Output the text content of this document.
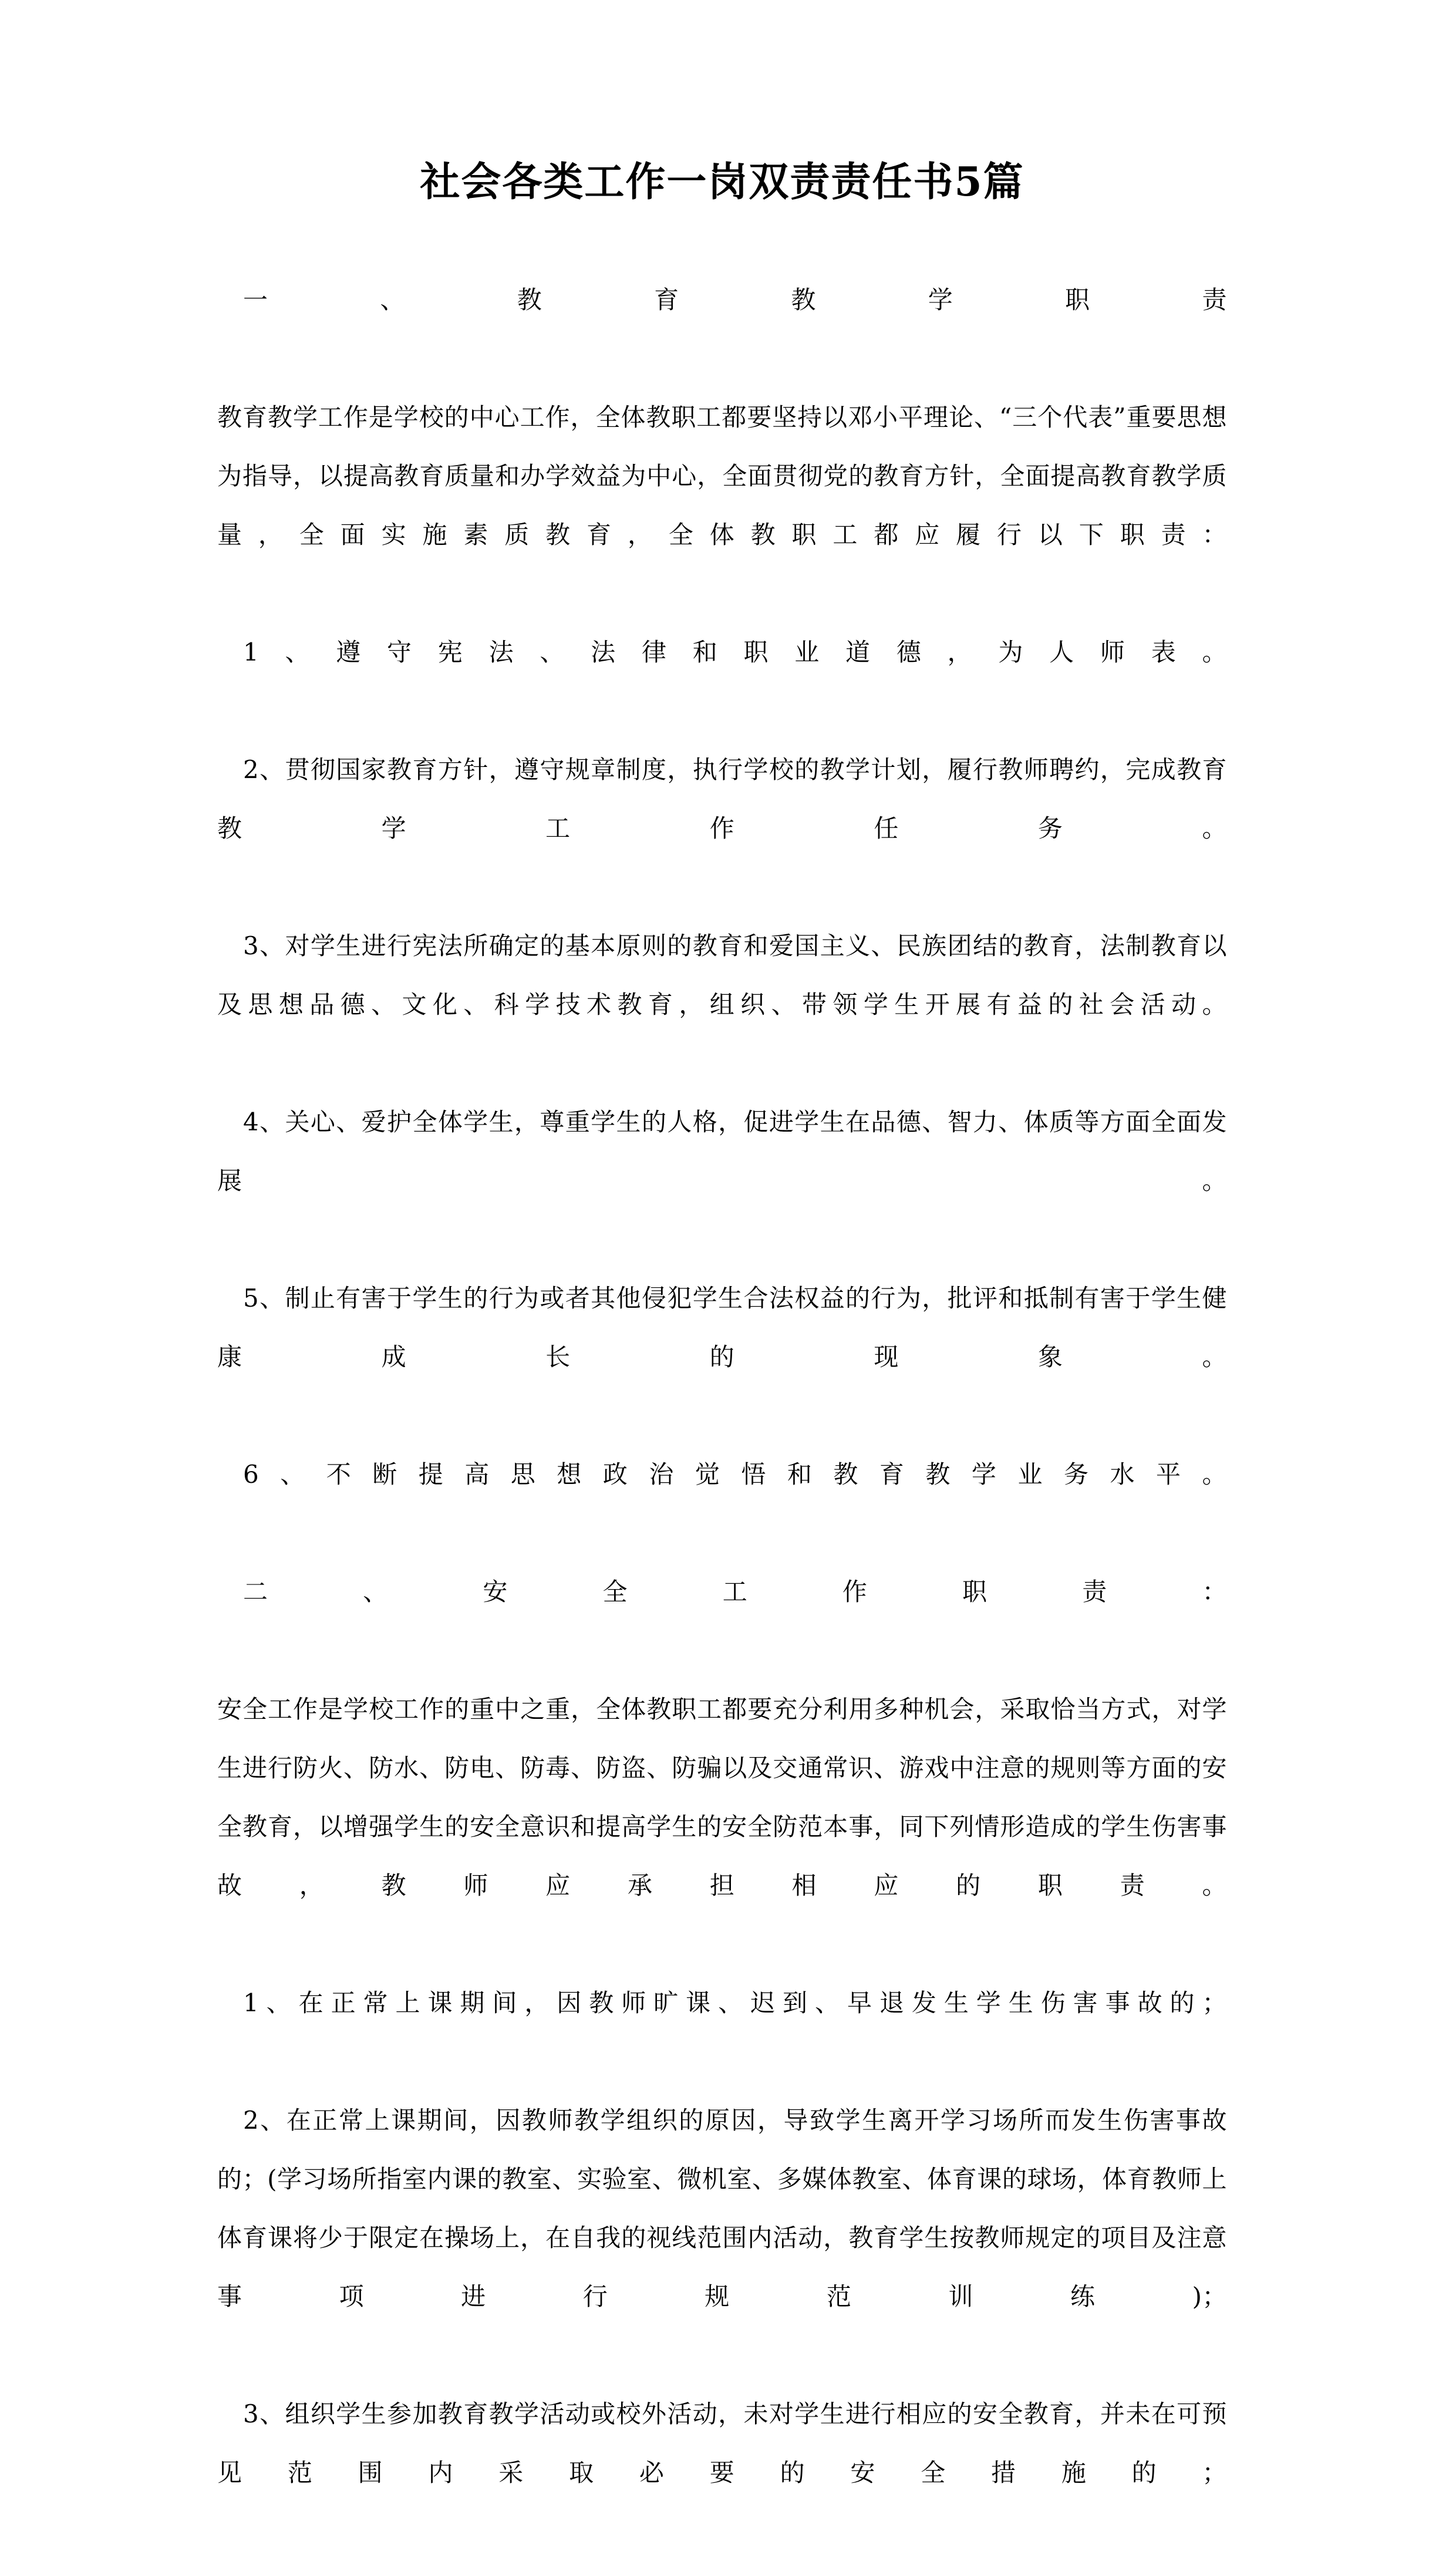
社会各类工作一岗双责责任书5篇

一、教育教学职责

教育教学工作是学校的中心工作，全体教职工都要坚持以邓小平理论、“三个代表”重要思想为指导，以提高教育质量和办学效益为中心，全面贯彻党的教育方针，全面提高教育教学质量，全面实施素质教育，全体教职工都应履行以下职责：

1、遵守宪法、法律和职业道德，为人师表。

2、贯彻国家教育方针，遵守规章制度，执行学校的教学计划，履行教师聘约，完成教育教学工作任务。

3、对学生进行宪法所确定的基本原则的教育和爱国主义、民族团结的教育，法制教育以及思想品德、文化、科学技术教育，组织、带领学生开展有益的社会活动。

4、关心、爱护全体学生，尊重学生的人格，促进学生在品德、智力、体质等方面全面发展。

5、制止有害于学生的行为或者其他侵犯学生合法权益的行为，批评和抵制有害于学生健康成长的现象。

6、不断提高思想政治觉悟和教育教学业务水平。

二、安全工作职责：

安全工作是学校工作的重中之重，全体教职工都要充分利用多种机会，采取恰当方式，对学生进行防火、防水、防电、防毒、防盗、防骗以及交通常识、游戏中注意的规则等方面的安全教育，以增强学生的安全意识和提高学生的安全防范本事，同下列情形造成的学生伤害事故，教师应承担相应的职责。

1、在正常上课期间，因教师旷课、迟到、早退发生学生伤害事故的；

2、在正常上课期间，因教师教学组织的原因，导致学生离开学习场所而发生伤害事故的；(学习场所指室内课的教室、实验室、微机室、多媒体教室、体育课的球场，体育教师上体育课将少于限定在操场上，在自我的视线范围内活动，教育学生按教师规定的项目及注意事项进行规范训练)；

3、组织学生参加教育教学活动或校外活动，未对学生进行相应的安全教育，并未在可预见范围内采取必要的安全措施的；
